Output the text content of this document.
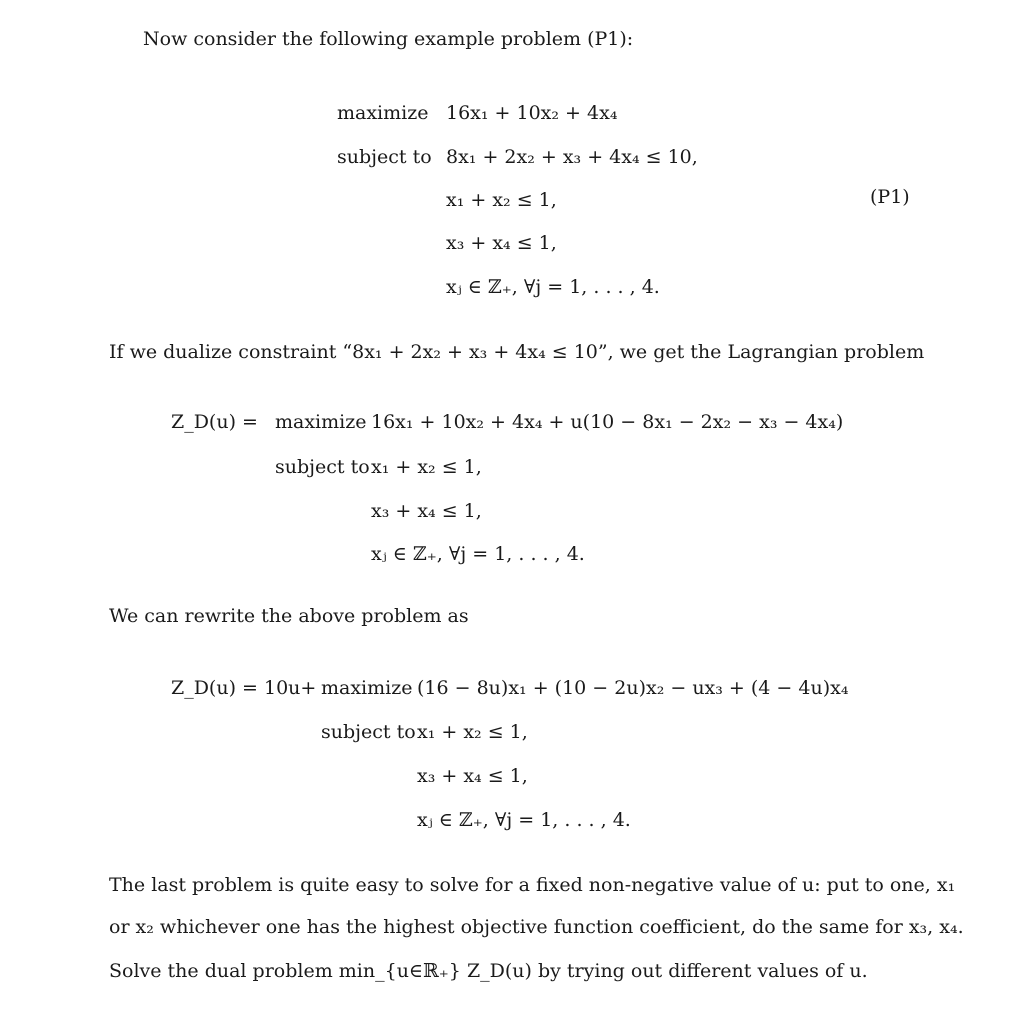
Now consider the following example problem (P1):
maximize 16x₁ + 10x₂ + 4x₄
subject to 8x₁ + 2x₂ + x₃ + 4x₄ ≤ 10,
x₁ + x₂ ≤ 1,	(P1)
x₃ + x₄ ≤ 1,
xⱼ ∈ ℤ₊, ∀j = 1, . . . , 4.
If we dualize constraint “8x₁ + 2x₂ + x₃ + 4x₄ ≤ 10”, we get the Lagrangian problem
Z_D(u) = maximize 16x₁ + 10x₂ + 4x₄ + u(10 − 8x₁ − 2x₂ − x₃ − 4x₄)
subject to x₁ + x₂ ≤ 1,
x₃ + x₄ ≤ 1,
xⱼ ∈ ℤ₊, ∀j = 1, . . . , 4.
We can rewrite the above problem as
Z_D(u) = 10u+ maximize (16 − 8u)x₁ + (10 − 2u)x₂ − ux₃ + (4 − 4u)x₄
subject to x₁ + x₂ ≤ 1,
x₃ + x₄ ≤ 1,
xⱼ ∈ ℤ₊, ∀j = 1, . . . , 4.
The last problem is quite easy to solve for a fixed non-negative value of u: put to one, x₁
or x₂ whichever one has the highest objective function coefficient, do the same for x₃, x₄.
Solve the dual problem min_{u∈ℝ₊} Z_D(u) by trying out different values of u.
